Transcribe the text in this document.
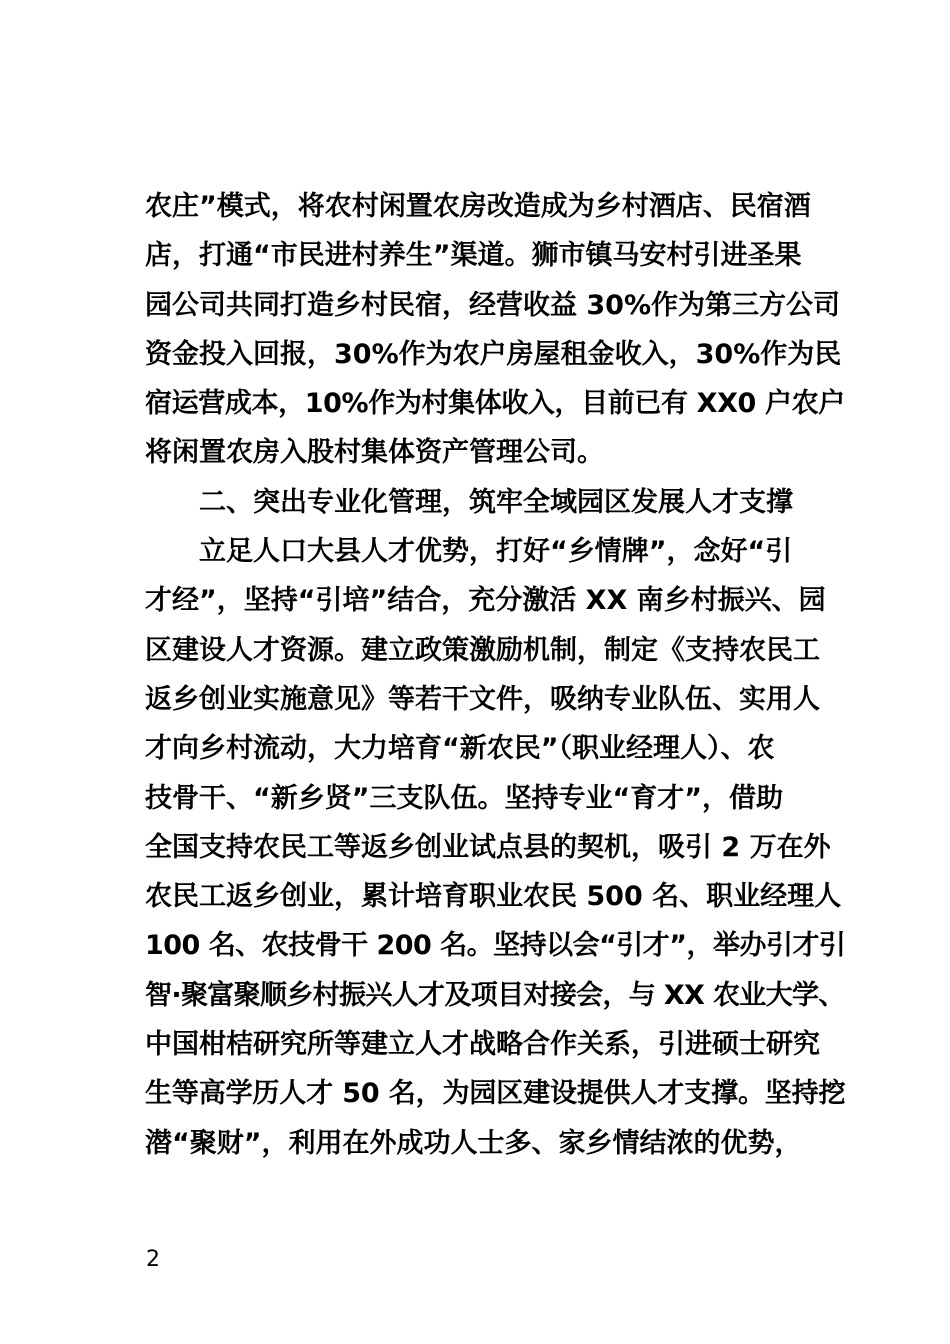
农庄”模式，将农村闲置农房改造成为乡村酒店、民宿酒
店，打通“市民进村养生”渠道。狮市镇马安村引进圣果
园公司共同打造乡村民宿，经营收益 30%作为第三方公司
资金投入回报，30%作为农户房屋租金收入，30%作为民
宿运营成本，10%作为村集体收入，目前已有 XX0 户农户
将闲置农房入股村集体资产管理公司。
二、突出专业化管理，筑牢全域园区发展人才支撑
立足人口大县人才优势，打好“乡情牌”，念好“引
才经”，坚持“引培”结合，充分激活 XX 南乡村振兴、园
区建设人才资源。建立政策激励机制，制定《支持农民工
返乡创业实施意见》等若干文件，吸纳专业队伍、实用人
才向乡村流动，大力培育“新农民”（职业经理人）、农
技骨干、“新乡贤”三支队伍。坚持专业“育才”，借助
全国支持农民工等返乡创业试点县的契机，吸引 2 万在外
农民工返乡创业，累计培育职业农民 500 名、职业经理人
100 名、农技骨干 200 名。坚持以会“引才”，举办引才引
智·聚富聚顺乡村振兴人才及项目对接会，与 XX 农业大学、
中国柑桔研究所等建立人才战略合作关系，引进硕士研究
生等高学历人才 50 名，为园区建设提供人才支撑。坚持挖
潜“聚财”，利用在外成功人士多、家乡情结浓的优势，
2
